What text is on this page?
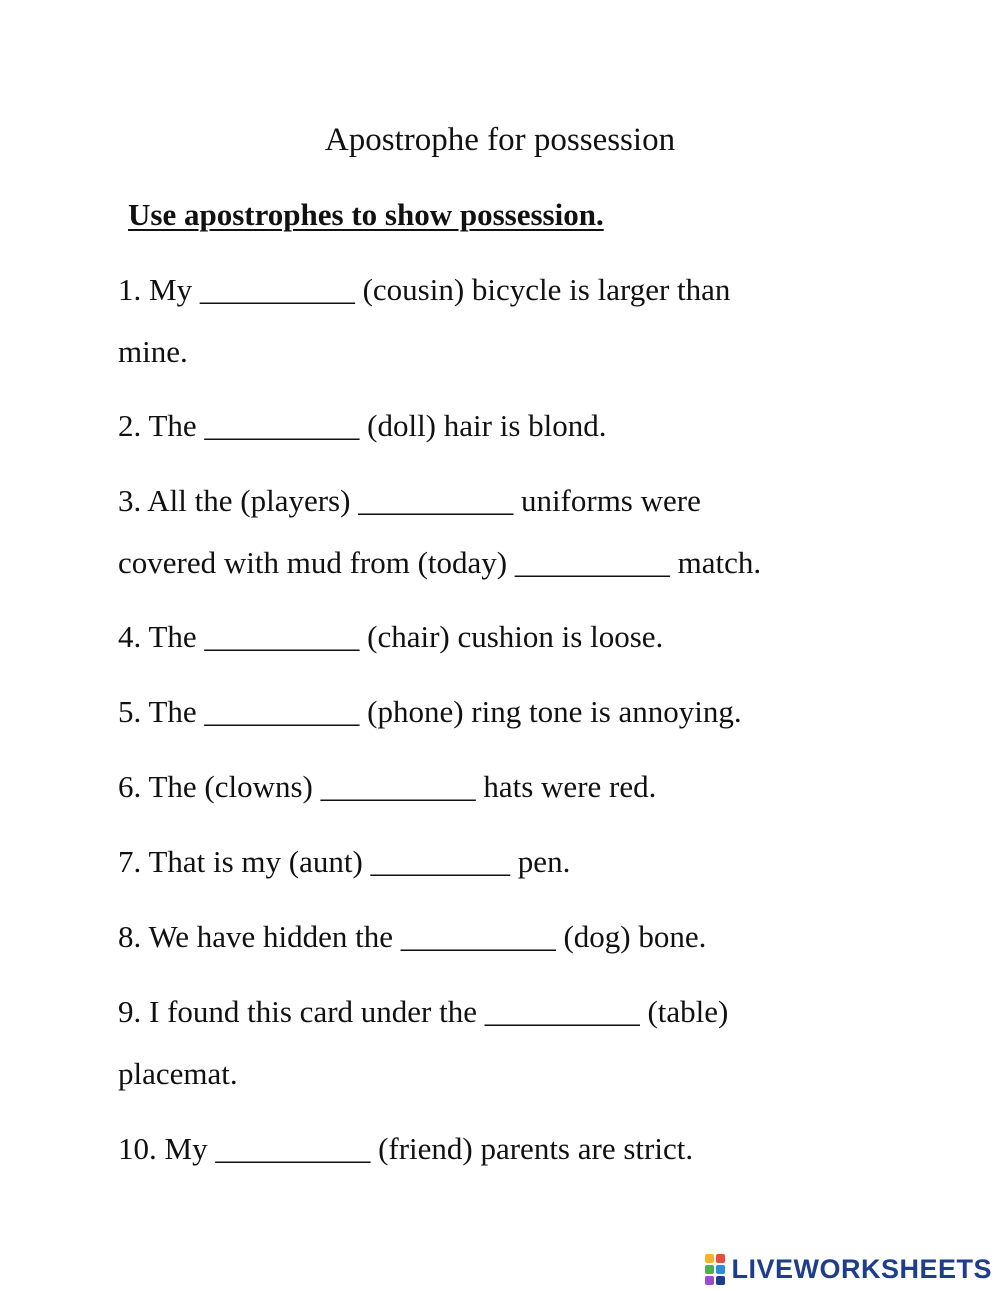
Apostrophe for possession
Use apostrophes to show possession.
1. My __________ (cousin) bicycle is larger than
mine.
2. The __________ (doll) hair is blond.
3. All the (players) __________ uniforms were
covered with mud from (today) __________ match.
4. The __________ (chair) cushion is loose.
5. The __________ (phone) ring tone is annoying.
6. The (clowns) __________ hats were red.
7. That is my (aunt) _________ pen.
8. We have hidden the __________ (dog) bone.
9. I found this card under the __________ (table)
placemat.
10. My __________ (friend) parents are strict.
LIVEWORKSHEETS
